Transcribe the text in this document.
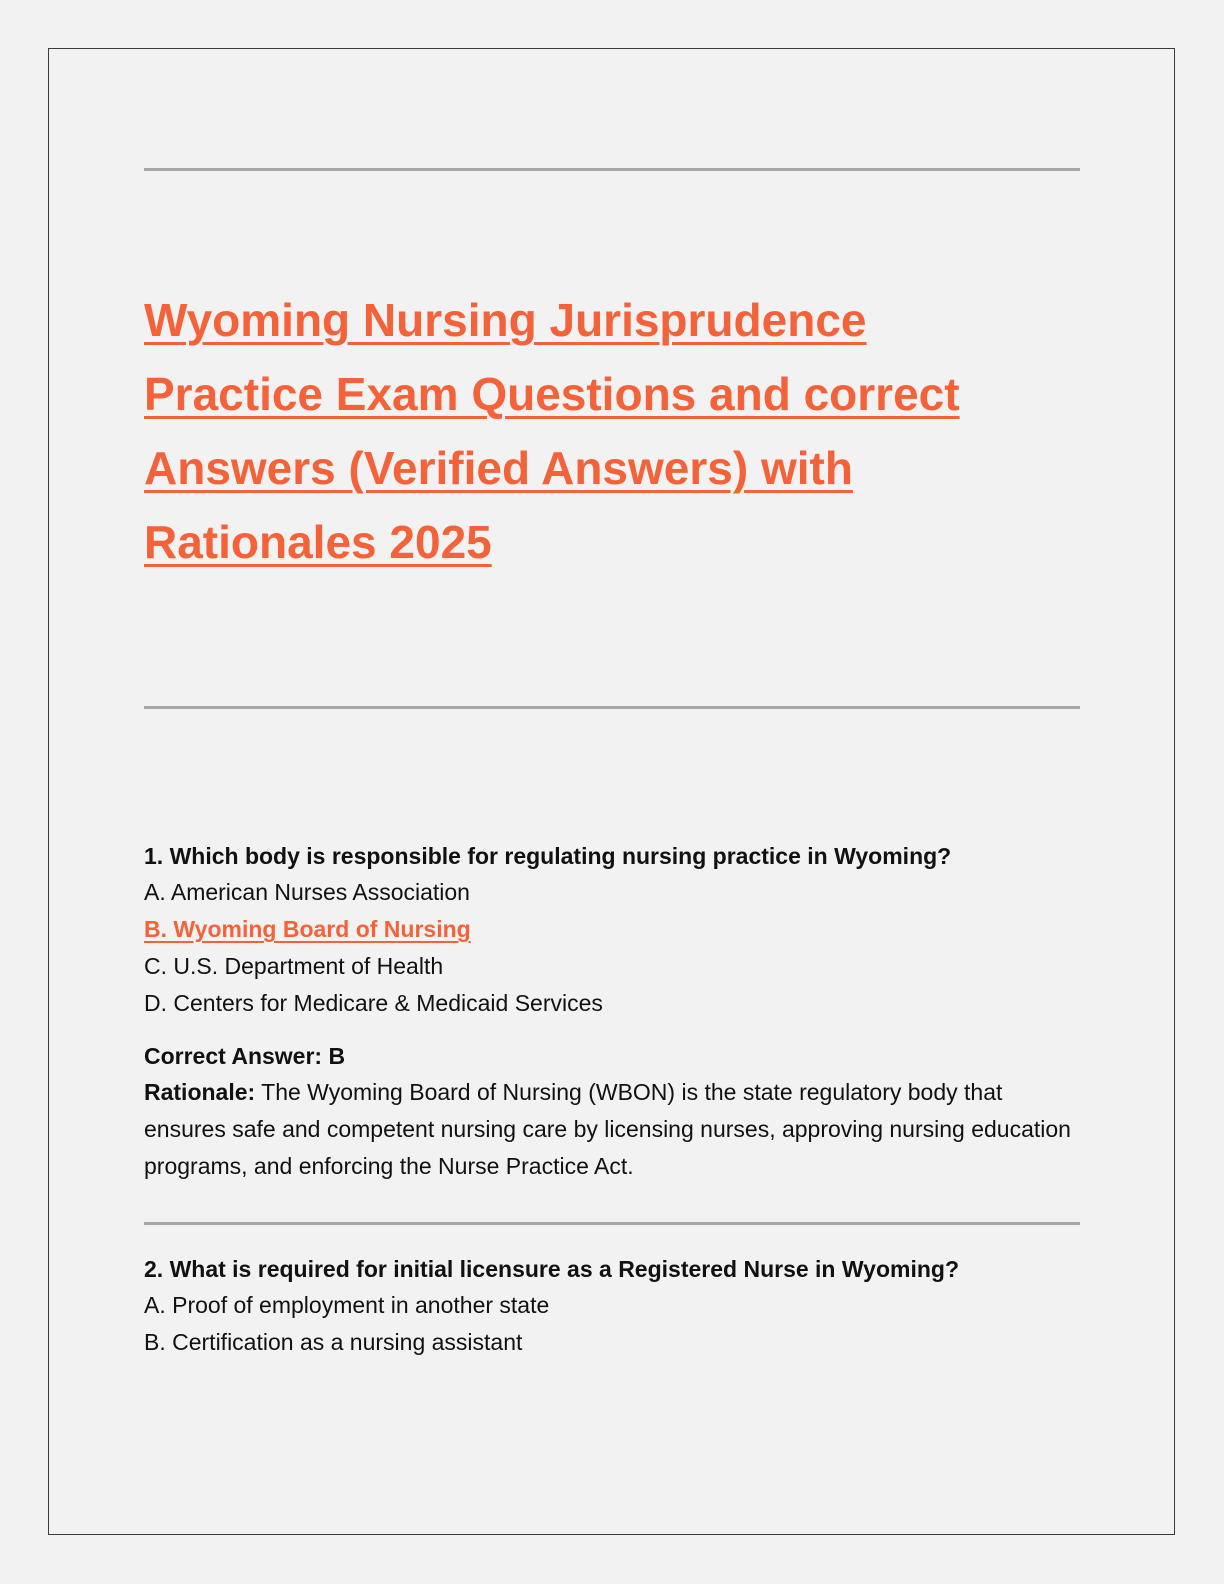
Wyoming Nursing Jurisprudence
Practice Exam Questions and correct
Answers (Verified Answers) with
Rationales 2025
1. Which body is responsible for regulating nursing practice in Wyoming?
A. American Nurses Association
B. Wyoming Board of Nursing
C. U.S. Department of Health
D. Centers for Medicare & Medicaid Services
Correct Answer: B
Rationale: The Wyoming Board of Nursing (WBON) is the state regulatory body that ensures safe and competent nursing care by licensing nurses, approving nursing education programs, and enforcing the Nurse Practice Act.
2. What is required for initial licensure as a Registered Nurse in Wyoming?
A. Proof of employment in another state
B. Certification as a nursing assistant
